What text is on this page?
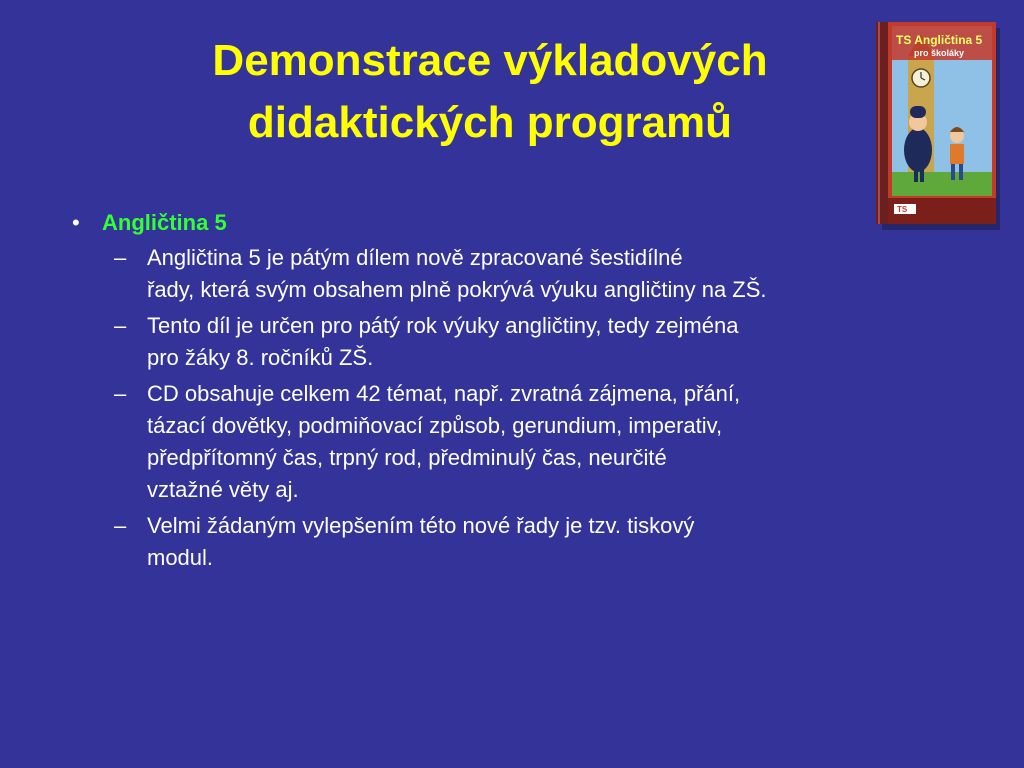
Demonstrace výkladových
didaktických programů
TS Angličtina 5
pro školáky
TS
• Angličtina 5
– Angličtina 5 je pátým dílem nově zpracované šestidílné
řady, která svým obsahem plně pokrývá výuku angličtiny na ZŠ.
– Tento díl je určen pro pátý rok výuky angličtiny, tedy zejména
pro žáky 8. ročníků ZŠ.
– CD obsahuje celkem 42 témat, např. zvratná zájmena, přání,
tázací dovětky, podmiňovací způsob, gerundium, imperativ,
předpřítomný čas, trpný rod, předminulý čas, neurčité
vztažné věty aj.
– Velmi žádaným vylepšením této nové řady je tzv. tiskový
modul.
